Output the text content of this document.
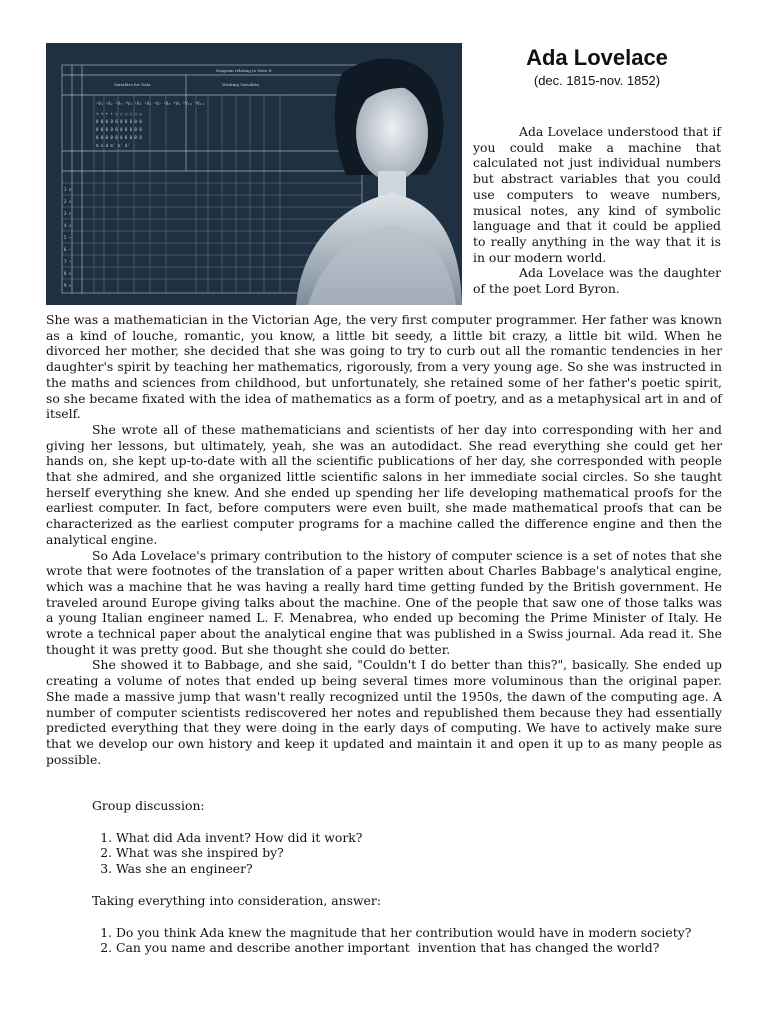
Diagram relating to Note D
Variables for Data	Working Variables
¹V₁ ¹V₂ ¹V₃ ¹V₄ ¹V₅ ¹V₆ ⁰V₇ ⁰V₈ ⁰V₉ ⁰V₁₀ ⁰V₁₁
+ + + + ○ ○ ○ ○ ○ ○
0 0 0 0 0 0 0 0 0 0
0 0 0 0 0 0 0 0 0 0
0 0 0 0 0 0 0 0 0 0
m n d m' n' d'
1 ×
2 ×
3 ×
4 ×
5 −
6 −
7 −
8 ×
9 ×
Ada Lovelace
(dec. 1815-nov. 1852)

Ada Lovelace understood that if you could make a machine that calculated not just individual numbers but abstract variables that you could use computers to weave numbers, musical notes, any kind of symbolic language and that it could be applied to really anything in the way that it is in our modern world.

Ada Lovelace was the daughter of the poet Lord Byron.

She was a mathematician in the Victorian Age, the very first computer programmer. Her father was known as a kind of louche, romantic, you know, a little bit seedy, a little bit crazy, a little bit wild. When he divorced her mother, she decided that she was going to try to curb out all the romantic tendencies in her daughter's spirit by teaching her mathematics, rigorously, from a very young age. So she was instructed in the maths and sciences from childhood, but unfortunately, she retained some of her father's poetic spirit, so she became fixated with the idea of mathematics as a form of poetry, and as a metaphysical art in and of itself.

She wrote all of these mathematicians and scientists of her day into corresponding with her and giving her lessons, but ultimately, yeah, she was an autodidact. She read everything she could get her hands on, she kept up-to-date with all the scientific publications of her day, she corresponded with people that she admired, and she organized little scientific salons in her immediate social circles. So she taught herself everything she knew. And she ended up spending her life developing mathematical proofs for the earliest computer. In fact, before computers were even built, she made mathematical proofs that can be characterized as the earliest computer programs for a machine called the difference engine and then the analytical engine.

So Ada Lovelace's primary contribution to the history of computer science is a set of notes that she wrote that were footnotes of the translation of a paper written about Charles Babbage's analytical engine, which was a machine that he was having a really hard time getting funded by the British government. He traveled around Europe giving talks about the machine. One of the people that saw one of those talks was a young Italian engineer named L. F. Menabrea, who ended up becoming the Prime Minister of Italy. He wrote a technical paper about the analytical engine that was published in a Swiss journal. Ada read it. She thought it was pretty good. But she thought she could do better.

She showed it to Babbage, and she said, "Couldn't I do better than this?", basically. She ended up creating a volume of notes that ended up being several times more voluminous than the original paper. She made a massive jump that wasn't really recognized until the 1950s, the dawn of the computing age. A number of computer scientists rediscovered her notes and republished them because they had essentially predicted everything that they were doing in the early days of computing. We have to actively make sure that we develop our own history and keep it updated and maintain it and open it up to as many people as possible.

Group discussion:

1. What did Ada invent? How did it work?
2. What was she inspired by?
3. Was she an engineer?

Taking everything into consideration, answer:

1. Do you think Ada knew the magnitude that her contribution would have in modern society?
2. Can you name and describe another important  invention that has changed the world?
